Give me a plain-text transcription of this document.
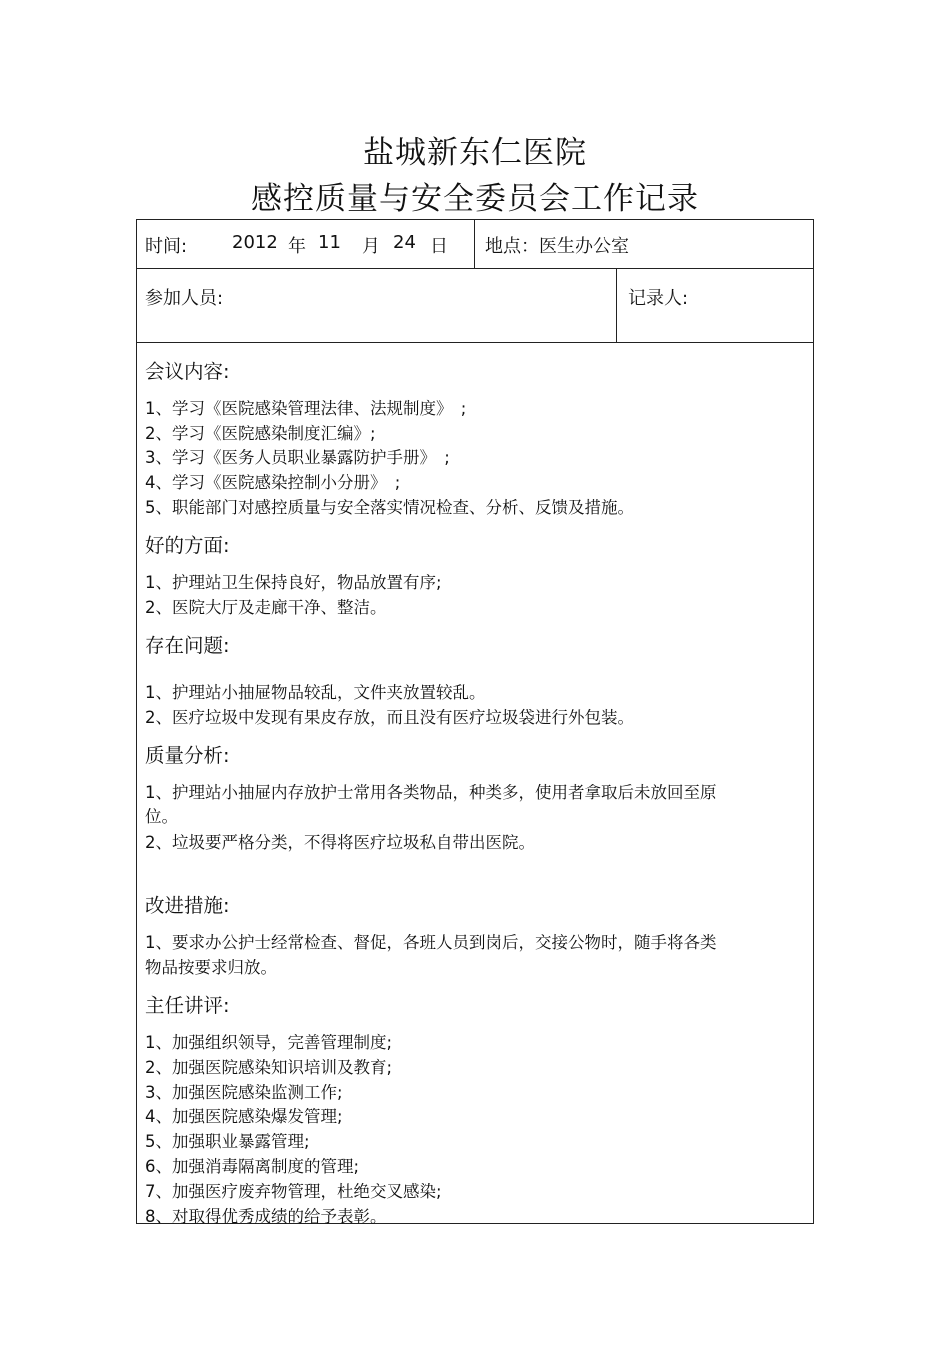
盐城新东仁医院
感控质量与安全委员会工作记录
时间: 2012 年 11 月 24 日 地点：医生办公室
参加人员:	记录人:
会议内容:
1、学习《医院感染管理法律、法规制度》　;
2、学习《医院感染制度汇编》;
3、学习《医务人员职业暴露防护手册》　;
4、学习《医院感染控制小分册》　;
5、职能部门对感控质量与安全落实情况检查、分析、反馈及措施。
好的方面:
1、护理站卫生保持良好，物品放置有序;
2、医院大厅及走廊干净、整洁。
存在问题:
1、护理站小抽屉物品较乱，文件夹放置较乱。
2、医疗垃圾中发现有果皮存放，而且没有医疗垃圾袋进行外包装。
质量分析:
1、护理站小抽屉内存放护士常用各类物品，种类多，使用者拿取后未放回至原
位。
2、垃圾要严格分类，不得将医疗垃圾私自带出医院。
改进措施:
1、要求办公护士经常检查、督促，各班人员到岗后，交接公物时，随手将各类
物品按要求归放。
主任讲评:
1、加强组织领导，完善管理制度;
2、加强医院感染知识培训及教育;
3、加强医院感染监测工作;
4、加强医院感染爆发管理;
5、加强职业暴露管理;
6、加强消毒隔离制度的管理;
7、加强医疗废弃物管理，杜绝交叉感染;
8、对取得优秀成绩的给予表彰。
